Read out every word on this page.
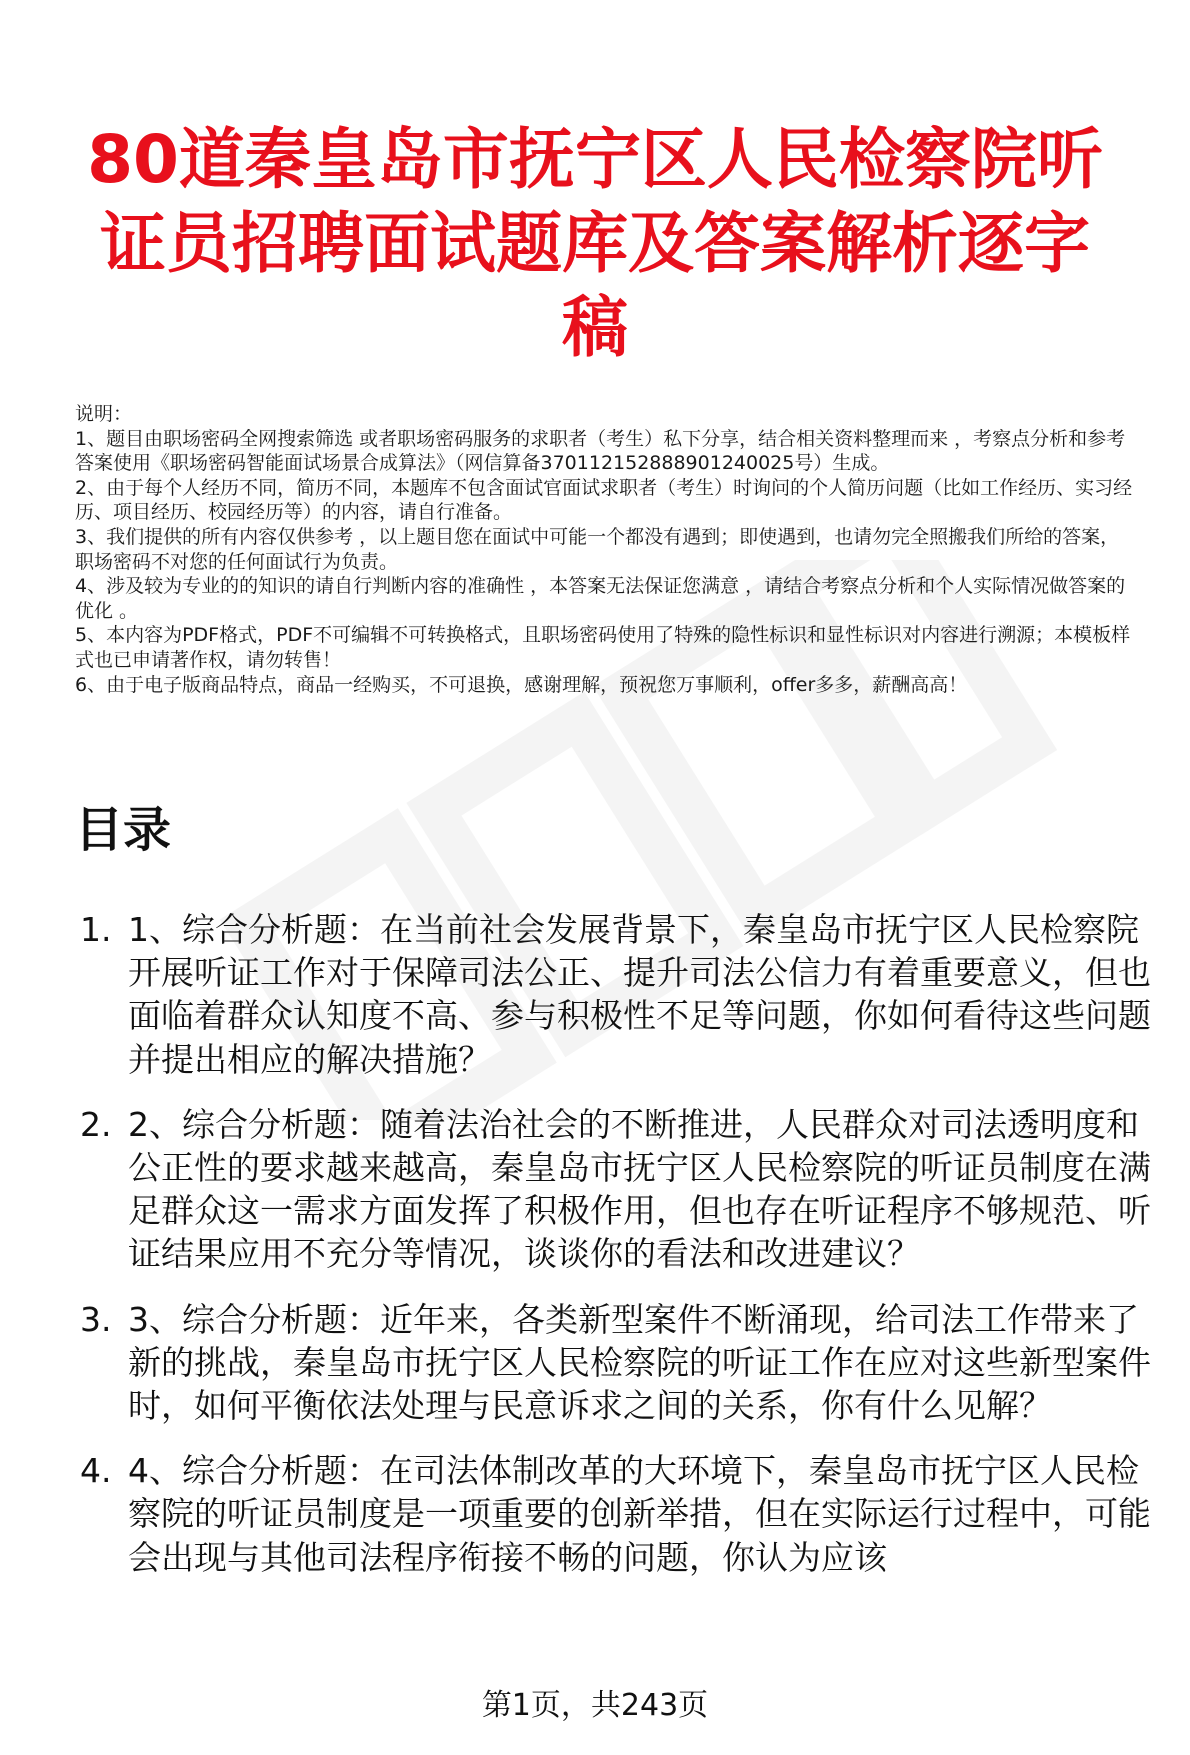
80道秦皇岛市抚宁区人民检察院听证员招聘面试题库及答案解析逐字稿

说明：

1、题目由职场密码全网搜索筛选 或者职场密码服务的求职者（考生）私下分享，结合相关资料整理而来 ，考察点分析和参考答案使用《职场密码智能面试场景合成算法》（网信算备370112152888901240025号）生成。

2、由于每个人经历不同，简历不同，本题库不包含面试官面试求职者（考生）时询问的个人简历问题（比如工作经历、实习经历、项目经历、校园经历等）的内容，请自行准备。

3、我们提供的所有内容仅供参考 ，以上题目您在面试中可能一个都没有遇到；即使遇到，也请勿完全照搬我们所给的答案，职场密码不对您的任何面试行为负责。

4、涉及较为专业的的知识的请自行判断内容的准确性 ，本答案无法保证您满意 ，请结合考察点分析和个人实际情况做答案的优化 。

5、本内容为PDF格式，PDF不可编辑不可转换格式，且职场密码使用了特殊的隐性标识和显性标识对内容进行溯源；本模板样式也已申请著作权，请勿转售！

6、由于电子版商品特点，商品一经购买，不可退换，感谢理解，预祝您万事顺利，offer多多，薪酬高高！

目录
1. 1、综合分析题：在当前社会发展背景下，秦皇岛市抚宁区人民检察院开展听证工作对于保障司法公正、提升司法公信力有着重要意义，但也面临着群众认知度不高、参与积极性不足等问题，你如何看待这些问题并提出相应的解决措施？
2. 2、综合分析题：随着法治社会的不断推进，人民群众对司法透明度和公正性的要求越来越高，秦皇岛市抚宁区人民检察院的听证员制度在满足群众这一需求方面发挥了积极作用，但也存在听证程序不够规范、听证结果应用不充分等情况，谈谈你的看法和改进建议？
3. 3、综合分析题：近年来，各类新型案件不断涌现，给司法工作带来了新的挑战，秦皇岛市抚宁区人民检察院的听证工作在应对这些新型案件时，如何平衡依法处理与民意诉求之间的关系，你有什么见解？
4. 4、综合分析题：在司法体制改革的大环境下，秦皇岛市抚宁区人民检察院的听证员制度是一项重要的创新举措，但在实际运行过程中，可能会出现与其他司法程序衔接不畅的问题，你认为应该
第1页，共243页
